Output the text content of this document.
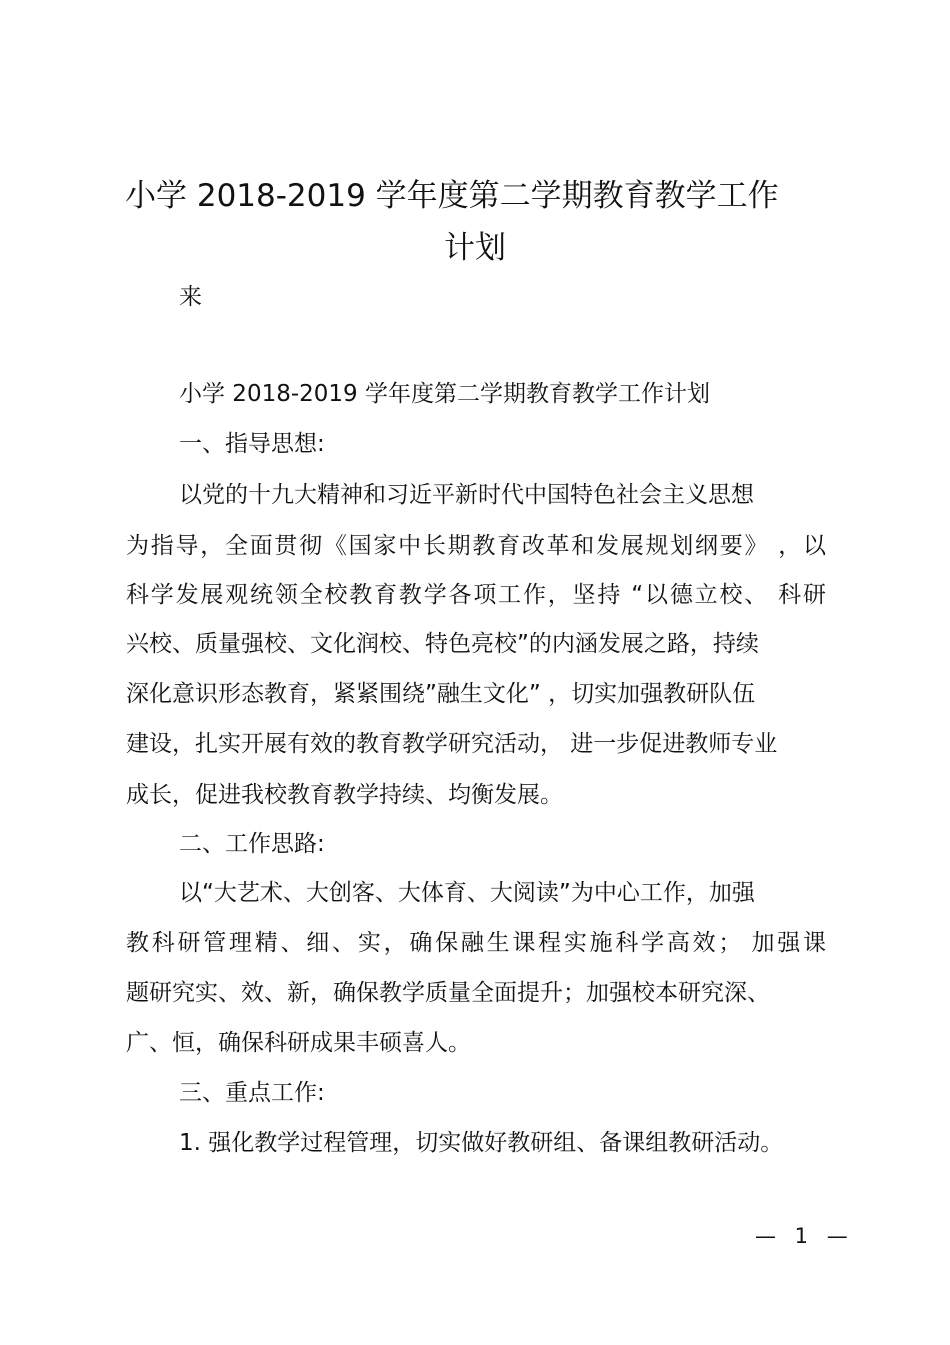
小学 2018-2019 学年度第二学期教育教学工作
计划
来
小学 2018-2019 学年度第二学期教育教学工作计划
一、指导思想:
以党的十九大精神和习近平新时代中国特色社会主义思想
为指导，全面贯彻《国家中长期教育改革和发展规划纲要》 ，以
科学发展观统领全校教育教学各项工作，坚持 “以德立校、 科研
兴校、质量强校、文化润校、特色亮校”的内涵发展之路，持续
深化意识形态教育，紧紧围绕”融生文化” ，切实加强教研队伍
建设，扎实开展有效的教育教学研究活动， 进一步促进教师专业
成长，促进我校教育教学持续、均衡发展。
二、工作思路:
以“大艺术、大创客、大体育、大阅读”为中心工作，加强
教科研管理精、细、实，确保融生课程实施科学高效； 加强课
题研究实、效、新，确保教学质量全面提升；加强校本研究深、
广、恒，确保科研成果丰硕喜人。
三、重点工作:
1. 强化教学过程管理，切实做好教研组、备课组教研活动。
— 1 —
